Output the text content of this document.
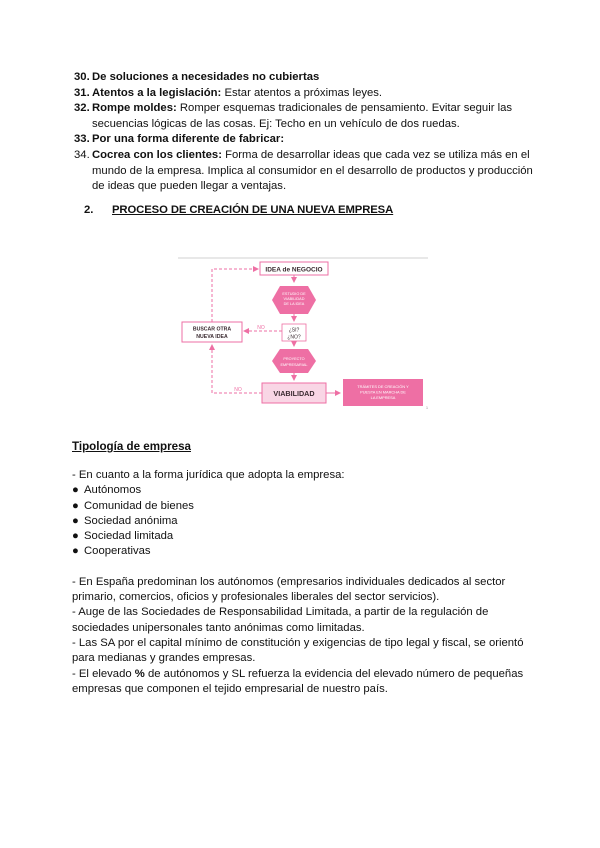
30. De soluciones a necesidades no cubiertas
31. Atentos a la legislación: Estar atentos a próximas leyes.
32. Rompe moldes: Romper esquemas tradicionales de pensamiento. Evitar seguir las secuencias lógicas de las cosas. Ej: Techo en un vehículo de dos ruedas.
33. Por una forma diferente de fabricar:
34. Cocrea con los clientes: Forma de desarrollar ideas que cada vez se utiliza más en el mundo de la empresa. Implica al consumidor en el desarrollo de productos y producción de ideas que pueden llegar a ventajas.
2. PROCESO DE CREACIÓN DE UNA NUEVA EMPRESA
IDEA de NEGOCIO
ESTUDIO DE
VIABILIDAD
DE LA IDEA
¿SI?
¿NO?
NO
BUSCAR OTRA
NUEVA IDEA
PROYECTO
EMPRESARIAL
VIABILIDAD
NO
TRÁMITES DE CREACIÓN Y
PUESTA EN MARCHA DE
LA EMPRESA
1
Tipología de empresa
- En cuanto a la forma jurídica que adopta la empresa:
● Autónomos
● Comunidad de bienes
● Sociedad anónima
● Sociedad limitada
● Cooperativas
- En España predominan los autónomos (empresarios individuales dedicados al sector primario, comercios, oficios y profesionales liberales del sector servicios).
- Auge de las Sociedades de Responsabilidad Limitada, a partir de la regulación de sociedades unipersonales tanto anónimas como limitadas.
- Las SA por el capital mínimo de constitución y exigencias de tipo legal y fiscal, se orientó para medianas y grandes empresas.
- El elevado % de autónomos y SL refuerza la evidencia del elevado número de pequeñas empresas que componen el tejido empresarial de nuestro país.
